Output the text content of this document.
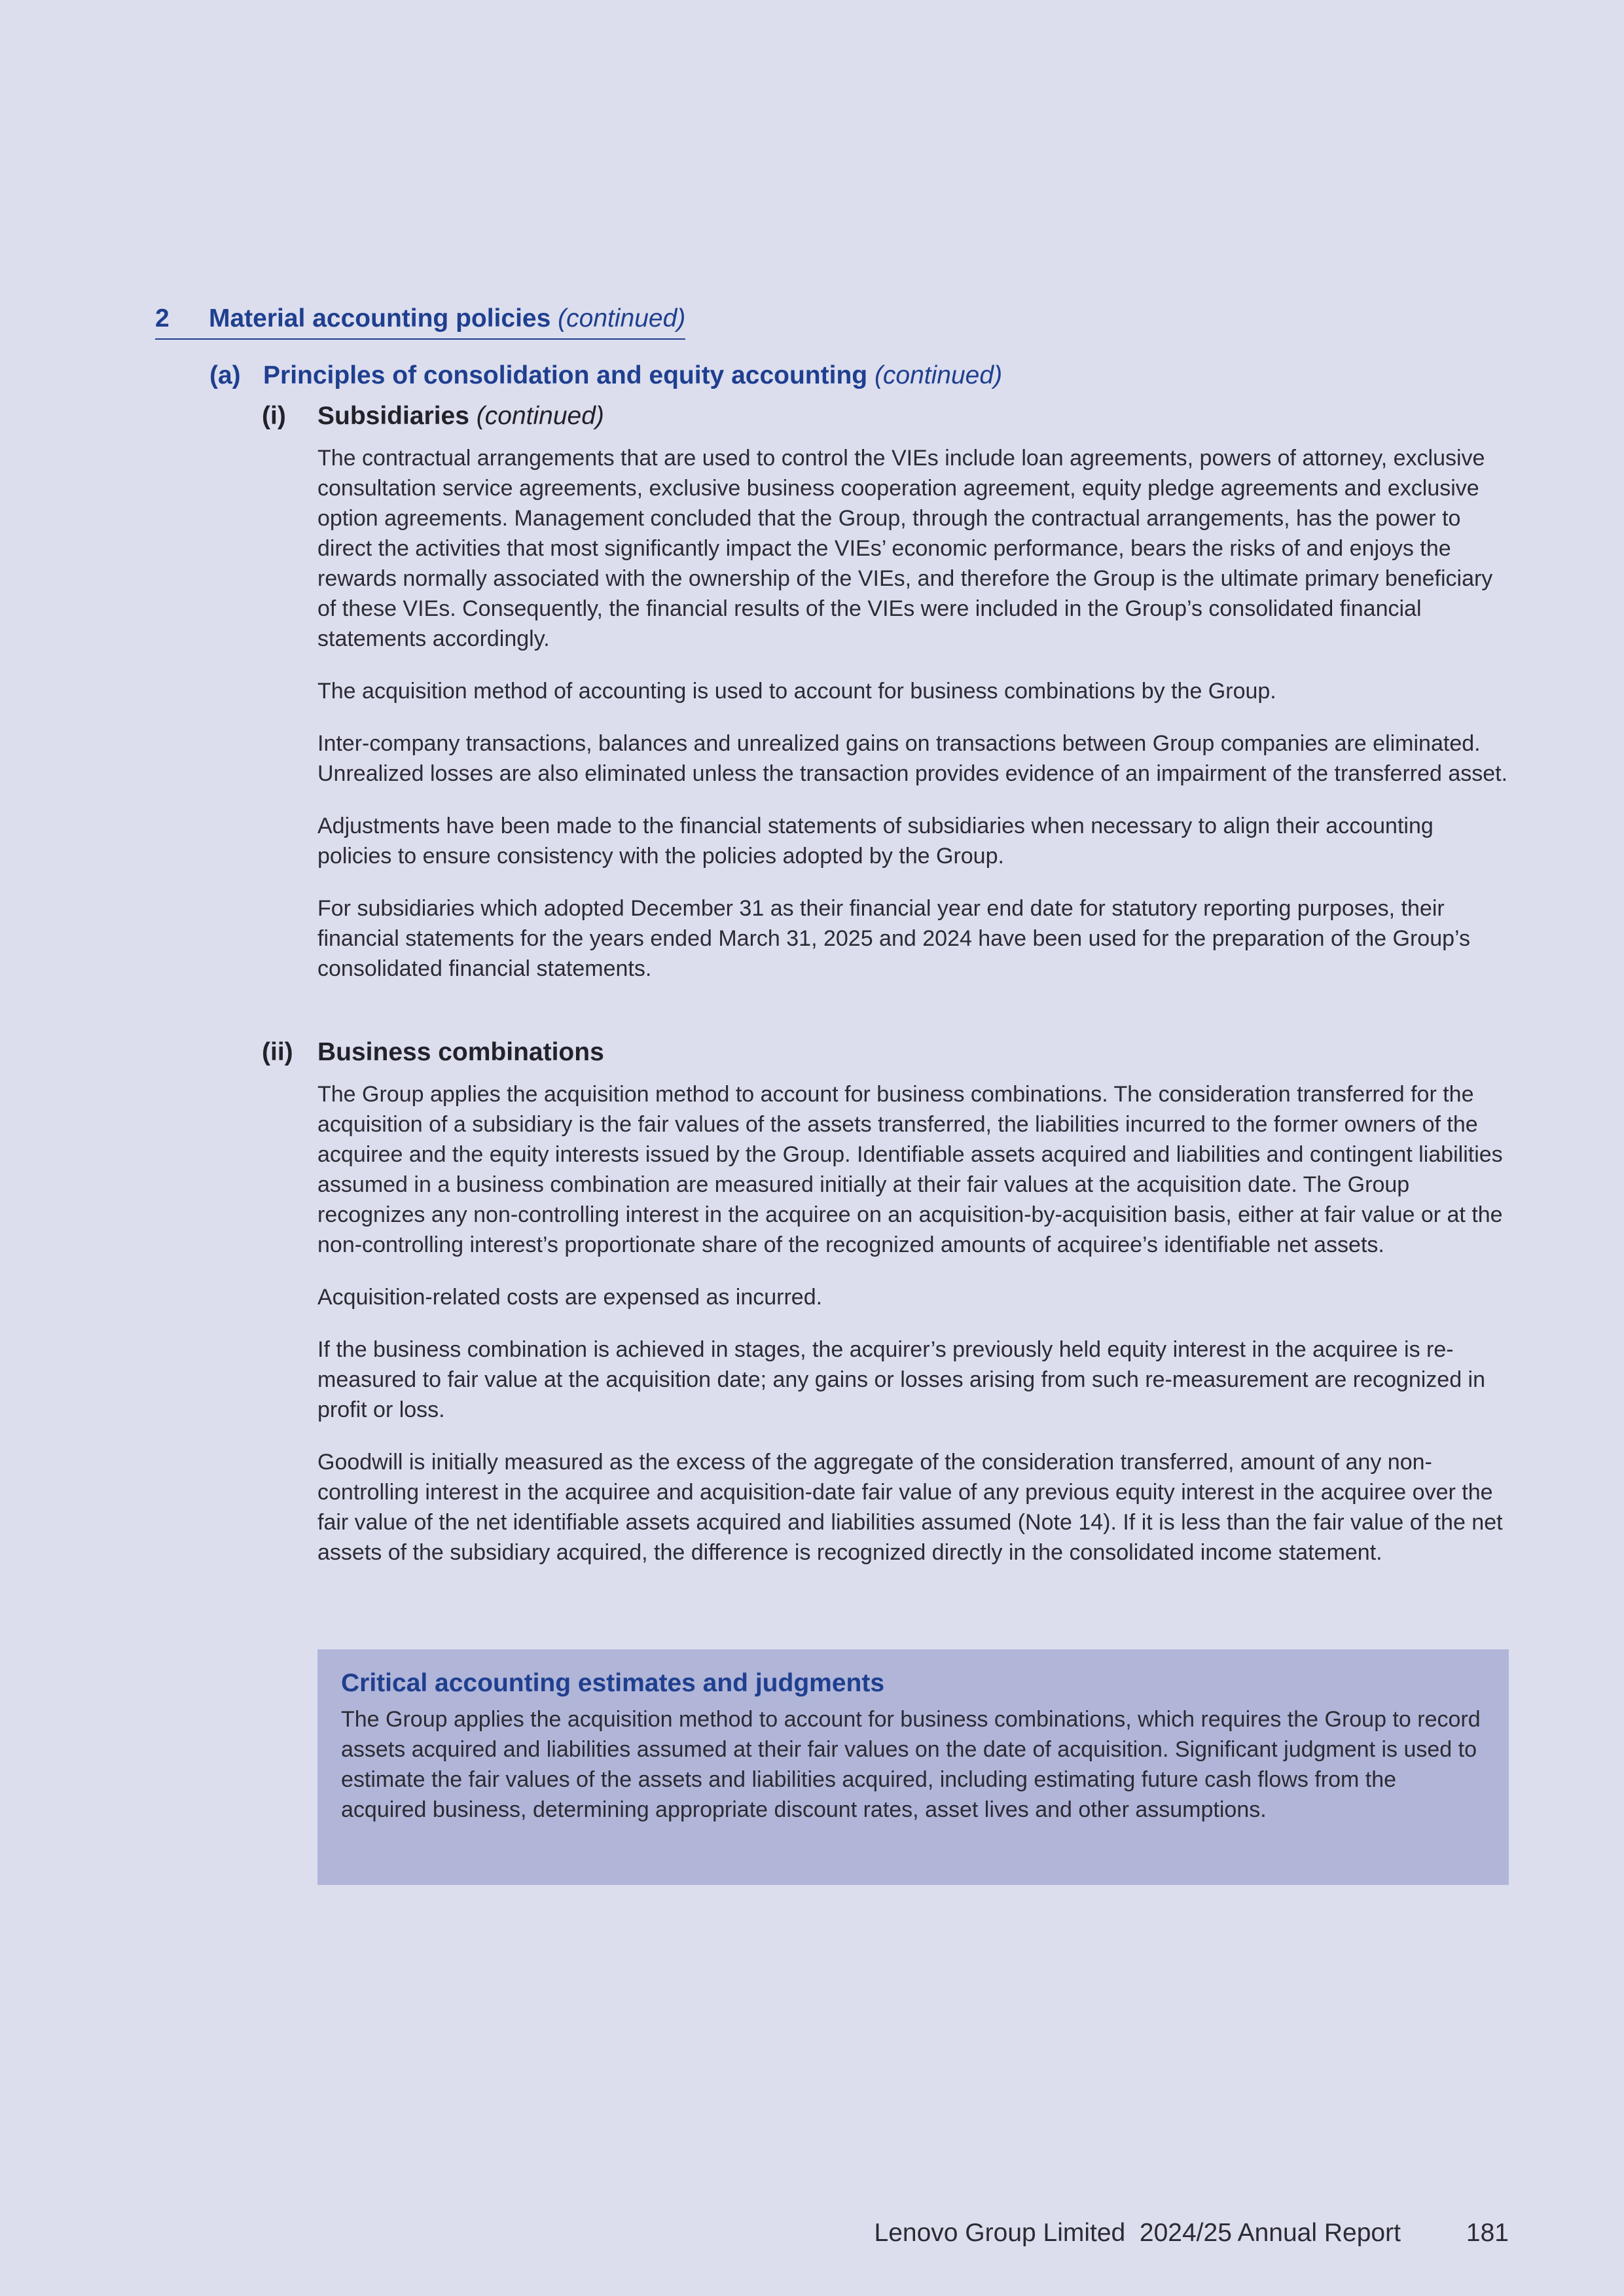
2 Material accounting policies (continued)
(a) Principles of consolidation and equity accounting (continued)
(i) Subsidiaries (continued)

The contractual arrangements that are used to control the VIEs include loan agreements, powers of attorney, exclusive consultation service agreements, exclusive business cooperation agreement, equity pledge agreements and exclusive option agreements. Management concluded that the Group, through the contractual arrangements, has the power to direct the activities that most significantly impact the VIEs’ economic performance, bears the risks of and enjoys the rewards normally associated with the ownership of the VIEs, and therefore the Group is the ultimate primary beneficiary of these VIEs. Consequently, the financial results of the VIEs were included in the Group’s consolidated financial statements accordingly.

The acquisition method of accounting is used to account for business combinations by the Group.

Inter-company transactions, balances and unrealized gains on transactions between Group companies are eliminated. Unrealized losses are also eliminated unless the transaction provides evidence of an impairment of the transferred asset.

Adjustments have been made to the financial statements of subsidiaries when necessary to align their accounting policies to ensure consistency with the policies adopted by the Group.

For subsidiaries which adopted December 31 as their financial year end date for statutory reporting purposes, their financial statements for the years ended March 31, 2025 and 2024 have been used for the preparation of the Group’s consolidated financial statements.

(ii) Business combinations

The Group applies the acquisition method to account for business combinations. The consideration transferred for the acquisition of a subsidiary is the fair values of the assets transferred, the liabilities incurred to the former owners of the acquiree and the equity interests issued by the Group. Identifiable assets acquired and liabilities and contingent liabilities assumed in a business combination are measured initially at their fair values at the acquisition date. The Group recognizes any non-controlling interest in the acquiree on an acquisition-by-acquisition basis, either at fair value or at the non-controlling interest’s proportionate share of the recognized amounts of acquiree’s identifiable net assets.

Acquisition-related costs are expensed as incurred.

If the business combination is achieved in stages, the acquirer’s previously held equity interest in the acquiree is re-measured to fair value at the acquisition date; any gains or losses arising from such re-measurement are recognized in profit or loss.

Goodwill is initially measured as the excess of the aggregate of the consideration transferred, amount of any non-controlling interest in the acquiree and acquisition-date fair value of any previous equity interest in the acquiree over the fair value of the net identifiable assets acquired and liabilities assumed (Note 14). If it is less than the fair value of the net assets of the subsidiary acquired, the difference is recognized directly in the consolidated income statement.

Critical accounting estimates and judgments

The Group applies the acquisition method to account for business combinations, which requires the Group to record assets acquired and liabilities assumed at their fair values on the date of acquisition. Significant judgment is used to estimate the fair values of the assets and liabilities acquired, including estimating future cash flows from the acquired business, determining appropriate discount rates, asset lives and other assumptions.

Lenovo Group Limited  2024/25 Annual Report	181
